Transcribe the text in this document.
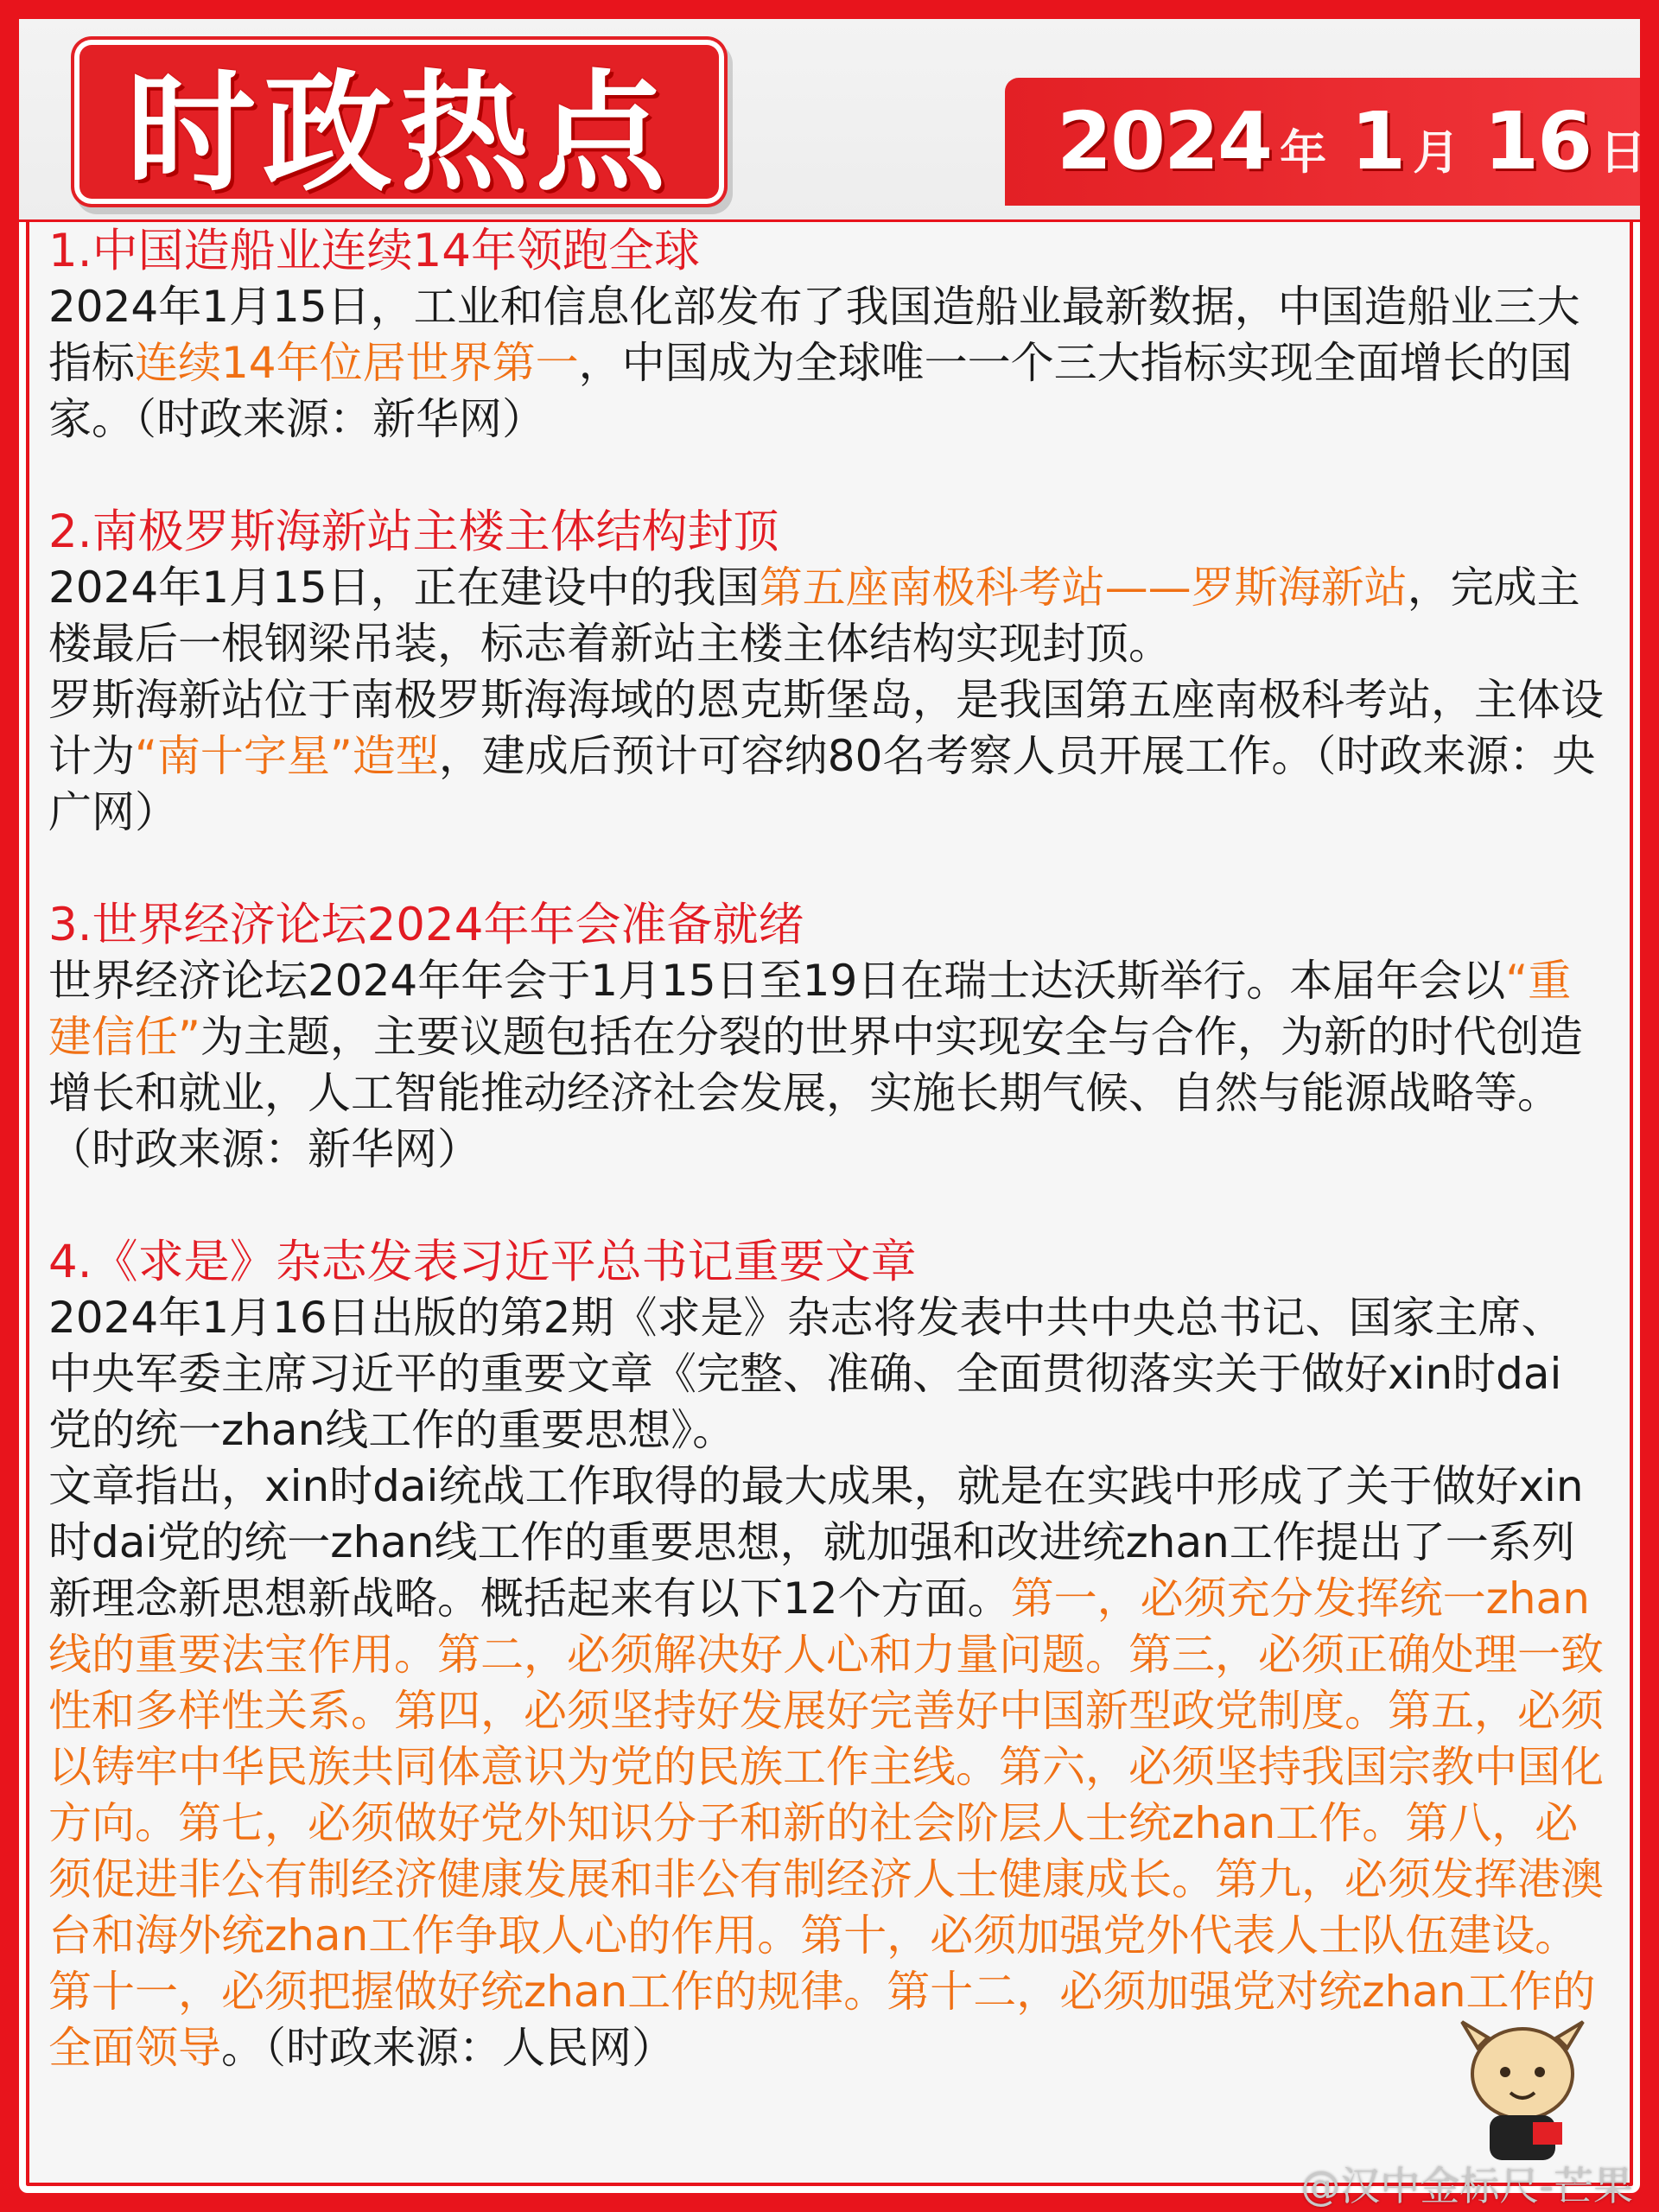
时政热点	2024 年 1 月 16 日
1.中国造船业连续14年领跑全球

2024年1月15日，工业和信息化部发布了我国造船业最新数据，中国造船业三大指标连续14年位居世界第一，中国成为全球唯一一个三大指标实现全面增长的国家。（时政来源：新华网）

2.南极罗斯海新站主楼主体结构封顶

2024年1月15日，正在建设中的我国第五座南极科考站——罗斯海新站，完成主楼最后一根钢梁吊装，标志着新站主楼主体结构实现封顶。

罗斯海新站位于南极罗斯海海域的恩克斯堡岛，是我国第五座南极科考站，主体设计为“南十字星”造型，建成后预计可容纳80名考察人员开展工作。（时政来源：央广网）

3.世界经济论坛2024年年会准备就绪

世界经济论坛2024年年会于1月15日至19日在瑞士达沃斯举行。本届年会以“重建信任”为主题，主要议题包括在分裂的世界中实现安全与合作，为新的时代创造增长和就业，人工智能推动经济社会发展，实施长期气候、自然与能源战略等。（时政来源：新华网）

4.《求是》杂志发表习近平总书记重要文章

2024年1月16日出版的第2期《求是》杂志将发表中共中央总书记、国家主席、中央军委主席习近平的重要文章《完整、准确、全面贯彻落实关于做好xin时dai党的统一zhan线工作的重要思想》。

文章指出，xin时dai统战工作取得的最大成果，就是在实践中形成了关于做好xin时dai党的统一zhan线工作的重要思想，就加强和改进统zhan工作提出了一系列新理念新思想新战略。概括起来有以下12个方面。第一，必须充分发挥统一zhan线的重要法宝作用。第二，必须解决好人心和力量问题。第三，必须正确处理一致性和多样性关系。第四，必须坚持好发展好完善好中国新型政党制度。第五，必须以铸牢中华民族共同体意识为党的民族工作主线。第六，必须坚持我国宗教中国化方向。第七，必须做好党外知识分子和新的社会阶层人士统zhan工作。第八，必须促进非公有制经济健康发展和非公有制经济人士健康成长。第九，必须发挥港澳台和海外统zhan工作争取人心的作用。第十，必须加强党外代表人士队伍建设。第十一，必须把握做好统zhan工作的规律。第十二，必须加强党对统zhan工作的全面领导。（时政来源：人民网）

@汉中金标尺-芒果
